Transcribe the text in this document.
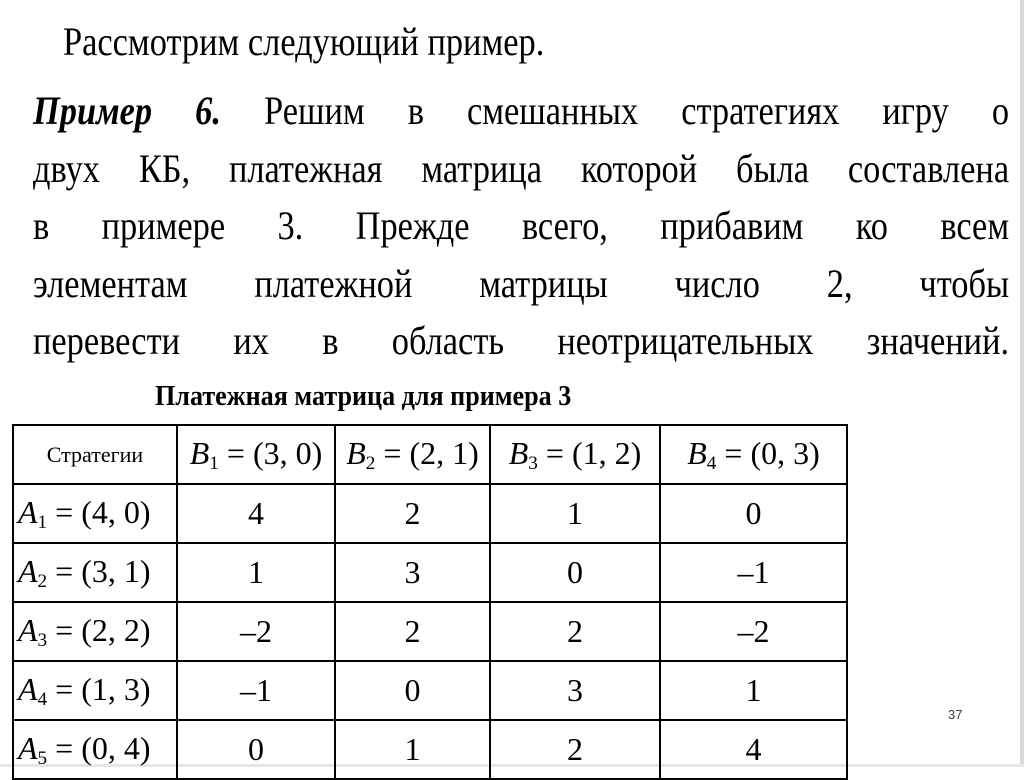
Рассмотрим следующий пример.
Пример 6. Решим в смешанных стратегиях игру о
двух КБ, платежная матрица которой была составлена
в примере 3. Прежде всего, прибавим ко всем
элементам платежной матрицы число 2, чтобы
перевести их в область неотрицательных значений.
Платежная матрица для примера 3
Стратегии	$B_1 = (3$, 0)	$B_2 = (2$, 1)	$B_3 = (1$, 2)	$B_4 = (0$, 3)
$A_1 = (4$, 0)	4	2	1	0
$A_2 = (3$, 1)	1	3	0	–1
$A_3 = (2$, 2)	–2	2	2	–2
$A_4 = (1$, 3)	–1	0	3	1
$A_5 = (0$, 4)	0	1	2	4
37
